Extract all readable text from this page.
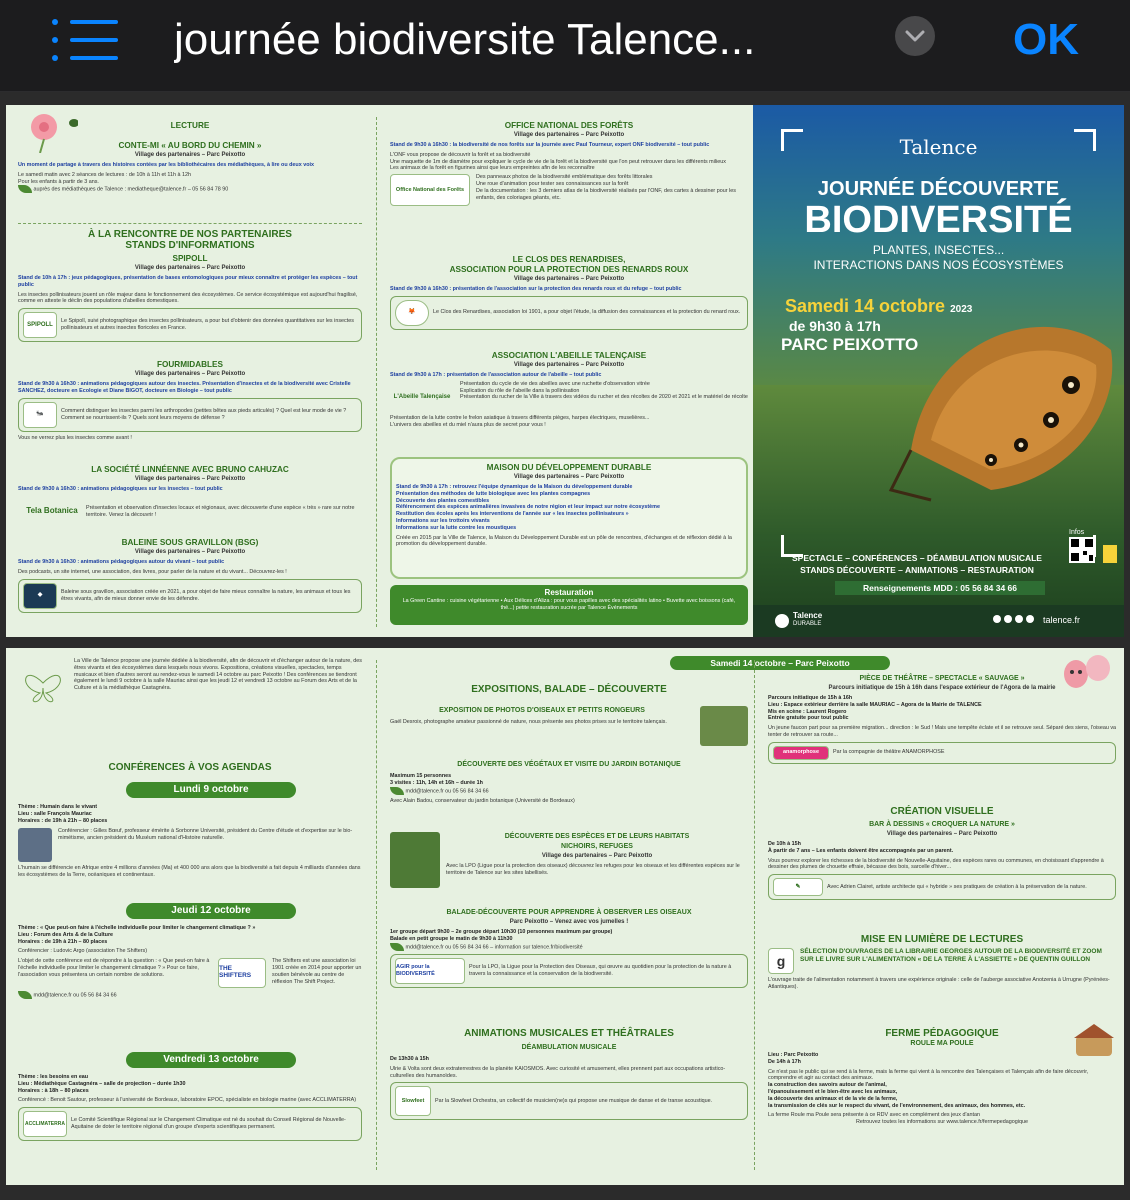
journée biodiversite Talence...	OK
LECTURE
CONTE-MI « AU BORD DU CHEMIN »
Village des partenaires – Parc Peixotto
Un moment de partage à travers des histoires contées par les bibliothécaires des médiathèques, à lire ou deux voix
Le samedi matin avec 2 séances de lectures : de 10h à 11h et 11h à 12h
Pour les enfants à partir de 3 ans.
auprès des médiathèques de Talence : mediatheque@talence.fr – 05 56 84 78 90
À LA RENCONTRE DE NOS PARTENAIRES
STANDS D'INFORMATIONS
SPIPOLL
Village des partenaires – Parc Peixotto
Stand de 10h à 17h : jeux pédagogiques, présentation de bases entomologiques pour mieux connaître et protéger les espèces – tout public
Les insectes pollinisateurs jouent un rôle majeur dans le fonctionnement des écosystèmes. Ce service écosystémique est aujourd'hui fragilisé, comme en atteste le déclin des populations d'abeilles domestiques.
SPIPOLL
Le Spipoll, suivi photographique des insectes pollinisateurs, a pour but d'obtenir des données quantitatives sur les insectes pollinisateurs et autres insectes floricoles en France.
FOURMIDABLES
Village des partenaires – Parc Peixotto
Stand de 9h30 à 16h30 : animations pédagogiques autour des insectes. Présentation d'insectes et de la biodiversité avec Cristelle SANCHEZ, docteure en Ecologie et Diane BIGOT, docteure en Biologie – tout public
🐜
Comment distinguer les insectes parmi les arthropodes (petites bêtes aux pieds articulés) ? Quel est leur mode de vie ? Comment se nourrissent-ils ? Quels sont leurs moyens de défense ?
Vous ne verrez plus les insectes comme avant !
LA SOCIÉTÉ LINNÉENNE AVEC BRUNO CAHUZAC
Village des partenaires – Parc Peixotto
Stand de 9h30 à 16h30 : animations pédagogiques sur les insectes – tout public
Tela Botanica	Présentation et observation d'insectes locaux et régionaux, avec découverte d'une espèce « très » rare sur notre territoire. Venez la découvrir !
BALEINE SOUS GRAVILLON (BSG)
Village des partenaires – Parc Peixotto
Stand de 9h30 à 16h30 : animations pédagogiques autour du vivant – tout public
Des podcasts, un site internet, une association, des livres, pour parler de la nature et du vivant... Découvrez-les !
◆
Baleine sous gravillon, association créée en 2021, a pour objet de faire mieux connaître la nature, les animaux et tous les êtres vivants, afin de mieux donner envie de les défendre.
OFFICE NATIONAL DES FORÊTS
Village des partenaires – Parc Peixotto
Stand de 9h30 à 16h30 : la biodiversité de nos forêts sur la journée avec Paul Tourneur, expert ONF biodiversité – tout public
L'ONF vous propose de découvrir la forêt et sa biodiversité
Une maquette de 1m de diamètre pour expliquer le cycle de vie de la forêt et la biodiversité que l'on peut retrouver dans les différents milieux
Les animaux de la forêt en figurines ainsi que leurs empreintes afin de les reconnaître
Office National des Forêts
Des panneaux photos de la biodiversité emblématique des forêts littorales
Une roue d'animation pour tester ses connaissances sur la forêt
De la documentation : les 3 derniers atlas de la biodiversité réalisés par l'ONF, des cartes à dessiner pour les enfants, des coloriages géants, etc.
LE CLOS DES RENARDISES,
ASSOCIATION POUR LA PROTECTION DES RENARDS ROUX
Village des partenaires – Parc Peixotto
Stand de 9h30 à 16h30 : présentation de l'association sur la protection des renards roux et du refuge – tout public
🦊	Le Clos des Renardises, association loi 1901, a pour objet l'étude, la diffusion des connaissances et la protection du renard roux.
ASSOCIATION L'ABEILLE TALENÇAISE
Village des partenaires – Parc Peixotto
Stand de 9h30 à 17h : présentation de l'association autour de l'abeille – tout public
L'Abeille Talençaise
Présentation du cycle de vie des abeilles avec une ruchette d'observation vitrée
Explication du rôle de l'abeille dans la pollinisation
Présentation du rucher de la Ville à travers des vidéos du rucher et des récoltes de 2020 et 2021 et le matériel de récolte
Présentation de la lutte contre le frelon asiatique à travers différents pièges, harpes électriques, muselières...
L'univers des abeilles et du miel n'aura plus de secret pour vous !
MAISON DU DÉVELOPPEMENT DURABLE
Village des partenaires – Parc Peixotto
Stand de 9h30 à 17h : retrouvez l'équipe dynamique de la Maison du développement durable
Présentation des méthodes de lutte biologique avec les plantes compagnes
Découverte des plantes comestibles
Référencement des espèces animalières invasives de notre région et leur impact sur notre écosystème
Restitution des écoles après les interventions de l'année sur « les insectes pollinisateurs »
Informations sur les trottoirs vivants
Informations sur la lutte contre les moustiques
Créée en 2015 par la Ville de Talence, la Maison du Développement Durable est un pôle de rencontres, d'échanges et de réflexion dédié à la promotion du développement durable.
Restauration
La Green Cantine : cuisine végétarienne • Aux Délices d'Aliza : pour vous papilles avec des spécialités latino • Buvette avec boissons (café, thé...) petite restauration sucrée par Talence Événements
Talence
JOURNÉE DÉCOUVERTE
BIODIVERSITÉ
PLANTES, INSECTES...
INTERACTIONS DANS NOS ÉCOSYSTÈMES
Samedi 14 octobre 2023
de 9h30 à 17h
PARC PEIXOTTO
Infos
SPECTACLE – CONFÉRENCES – DÉAMBULATION MUSICALE
STANDS DÉCOUVERTE – ANIMATIONS – RESTAURATION
Renseignements MDD : 05 56 84 34 66
Talence
DURABLE	talence.fr
La Ville de Talence propose une journée dédiée à la biodiversité, afin de découvrir et d'échanger autour de la nature, des êtres vivants et des écosystèmes dans lesquels nous vivons. Expositions, créations visuelles, spectacles, temps musicaux et bien d'autres seront au rendez-vous le samedi 14 octobre au parc Peixotto ! Des conférences se tiendront également le lundi 9 octobre à la salle Mauriac ainsi que les jeudi 12 et vendredi 13 octobre au Forum des Arts et de la Culture et à la médiathèque Castagnéra.
CONFÉRENCES À VOS AGENDAS
Lundi 9 octobre
Thème : Humain dans le vivant
Lieu : salle François Mauriac
Horaires : de 19h à 21h – 80 places
Conférencier : Gilles Bœuf, professeur émérite à Sorbonne Université, président du Centre d'étude et d'expertise sur le bio-mimétisme, ancien président du Muséum national d'Histoire naturelle.
L'humain se différencie en Afrique entre 4 millions d'années (Ma) et 400 000 ans alors que la biodiversité a fait depuis 4 milliards d'années dans les écosystèmes de la Terre, océaniques et continentaux.
Jeudi 12 octobre
Thème : « Que peut-on faire à l'échelle individuelle pour limiter le changement climatique ? »
Lieu : Forum des Arts & de la Culture
Horaires : de 19h à 21h – 80 places
Conférencier : Ludovic Argo (association The Shifters)
L'objet de cette conférence est de répondre à la question : « Que peut-on faire à l'échelle individuelle pour limiter le changement climatique ? » Pour ce faire, l'association vous présentera un certain nombre de solutions.
THE SHIFTERS
The Shifters est une association loi 1901 créée en 2014 pour apporter un soutien bénévole au centre de réflexion The Shift Project.
mdd@talence.fr ou 05 56 84 34 66
Vendredi 13 octobre
Thème : les besoins en eau
Lieu : Médiathèque Castagnéra – salle de projection – durée 1h30
Horaires : à 18h – 80 places
Conférencé : Benoit Sautour, professeur à l'université de Bordeaux, laboratoire EPOC, spécialiste en biologie marine (avec ACCLIMATERRA)
ACCLIMATERRA
Le Comité Scientifique Régional sur le Changement Climatique est né du souhait du Conseil Régional de Nouvelle-Aquitaine de doter le territoire régional d'un groupe d'experts scientifiques permanent.
Samedi 14 octobre – Parc Peixotto
EXPOSITIONS, BALADE – DÉCOUVERTE
EXPOSITION DE PHOTOS D'OISEAUX ET PETITS RONGEURS
Gaël Desroix, photographe amateur passionné de nature, nous présente ses photos prises sur le territoire talençais.
DÉCOUVERTE DES VÉGÉTAUX ET VISITE DU JARDIN BOTANIQUE
Maximum 15 personnes
3 visites : 11h, 14h et 16h – durée 1h
mdd@talence.fr ou 05 56 84 34 66
Avec Alain Badou, conservateur du jardin botanique (Université de Bordeaux)
DÉCOUVERTE DES ESPÈCES ET DE LEURS HABITATS
NICHOIRS, REFUGES
Village des partenaires – Parc Peixotto
Avec la LPO (Ligue pour la protection des oiseaux) découvrez les refuges pour les oiseaux et les différentes espèces sur le territoire de Talence sur les sites labellisés.
BALADE-DÉCOUVERTE POUR APPRENDRE À OBSERVER LES OISEAUX
Parc Peixotto – Venez avec vos jumelles !
1er groupe départ 9h30 – 2e groupe départ 10h30 (10 personnes maximum par groupe)
Balade en petit groupe le matin de 9h30 à 11h30
mdd@talence.fr ou 05 56 84 34 66 – information sur talence.fr/biodiversité
AGIR pour la BIODIVERSITÉ
Pour la LPO, la Ligue pour la Protection des Oiseaux, qui œuvre au quotidien pour la protection de la nature à travers la connaissance et la conservation de la biodiversité.
ANIMATIONS MUSICALES ET THÉÂTRALES
DÉAMBULATION MUSICALE
De 13h30 à 15h
Ulrie & Volta sont deux extraterrestres de la planète KAIOSMOS. Avec curiosité et amusement, elles prennent part aux occupations artistico-culturelles des humanoïdes.
Slowfeet	Par la Slowfeet Orchestra, un collectif de musicien(ne)s qui propose une musique de danse et de transe acoustique.
PIÈCE DE THÉÂTRE – SPECTACLE « SAUVAGE »
Parcours initiatique de 15h à 16h dans l'espace extérieur de l'Agora de la mairie
Parcours initiatique de 15h à 16h
Lieu : Espace extérieur derrière la salle MAURIAC – Agora de la Mairie de TALENCE
Mis en scène : Laurent Rogero
Entrée gratuite pour tout public
Un jeune faucon part pour sa première migration... direction : le Sud ! Mais une tempête éclate et il se retrouve seul. Séparé des siens, l'oiseau va tenter de retrouver sa route...
anamorphose	Par la compagnie de théâtre ANAMORPHOSE
CRÉATION VISUELLE
BAR À DESSINS « CROQUER LA NATURE »
Village des partenaires – Parc Peixotto
De 10h à 15h
À partir de 7 ans – Les enfants doivent être accompagnés par un parent.
Vous pourrez explorer les richesses de la biodiversité de Nouvelle-Aquitaine, des espèces rares ou communes, en choisissant d'apprendre à dessiner des plumes de chouette effraie, bécasse des bois, sarcelle d'hiver...
✎	Avec Adrien Clairet, artiste architecte qui « hybride » ses pratiques de création à la préservation de la nature.
MISE EN LUMIÈRE DE LECTURES
g
SÉLECTION D'OUVRAGES DE LA LIBRAIRIE GEORGES AUTOUR DE LA BIODIVERSITÉ ET ZOOM SUR LE LIVRE SUR L'ALIMENTATION « DE LA TERRE À L'ASSIETTE » DE QUENTIN GUILLON
L'ouvrage traite de l'alimentation notamment à travers une expérience originale : celle de l'auberge associative Anotzenia à Urrugne (Pyrénées-Atlantiques).
FERME PÉDAGOGIQUE
ROULE MA POULE
Lieu : Parc Peixotto
De 14h à 17h
Ce n'est pas le public qui se rend à la ferme, mais la ferme qui vient à la rencontre des Talençaises et Talençais afin de faire découvrir, comprendre et agir au contact des animaux.
la construction des savoirs autour de l'animal,
l'épanouissement et le bien-être avec les animaux,
la découverte des animaux et de la vie de la ferme,
la transmission de clés sur le respect du vivant, de l'environnement, des animaux, des hommes, etc.
La ferme Roule ma Poule sera présente à ce RDV avec en complément des jeux d'antan
Retrouvez toutes les informations sur www.talence.fr/fermepedagogique
